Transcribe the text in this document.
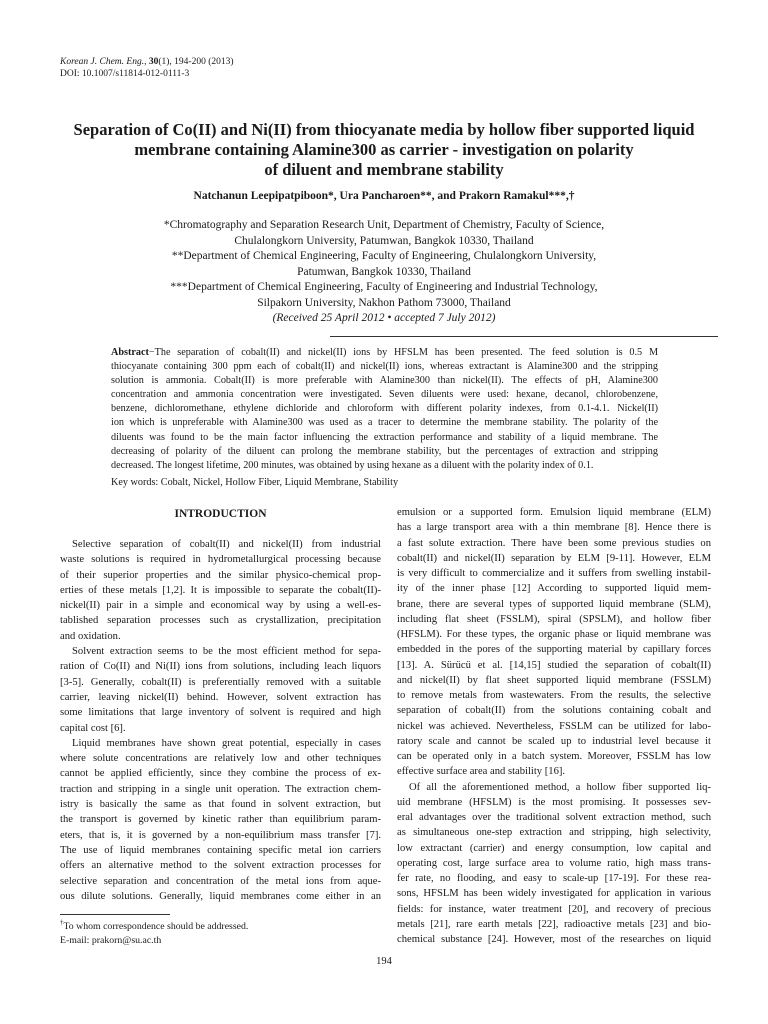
Korean J. Chem. Eng., 30(1), 194-200 (2013)
DOI: 10.1007/s11814-012-0111-3
Separation of Co(II) and Ni(II) from thiocyanate media by hollow fiber supported liquid
membrane containing Alamine300 as carrier - investigation on polarity
of diluent and membrane stability
Natchanun Leepipatpiboon*, Ura Pancharoen**, and Prakorn Ramakul***,†
*Chromatography and Separation Research Unit, Department of Chemistry, Faculty of Science,
Chulalongkorn University, Patumwan, Bangkok 10330, Thailand
**Department of Chemical Engineering, Faculty of Engineering, Chulalongkorn University,
Patumwan, Bangkok 10330, Thailand
***Department of Chemical Engineering, Faculty of Engineering and Industrial Technology,
Silpakorn University, Nakhon Pathom 73000, Thailand
(Received 25 April 2012 • accepted 7 July 2012)
Abstract−The separation of cobalt(II) and nickel(II) ions by HFSLM has been presented. The feed solution is 0.5 M
thiocyanate containing 300 ppm each of cobalt(II) and nickel(II) ions, whereas extractant is Alamine300 and the stripping
solution is ammonia. Cobalt(II) is more preferable with Alamine300 than nickel(II). The effects of pH, Alamine300
concentration and ammonia concentration were investigated. Seven diluents were used: hexane, decanol, chlorobenzene,
benzene, dichloromethane, ethylene dichloride and chloroform with different polarity indexes, from 0.1-4.1. Nickel(II)
ion which is unpreferable with Alamine300 was used as a tracer to determine the membrane stability. The polarity of the
diluents was found to be the main factor influencing the extraction performance and stability of a liquid membrane. The
decreasing of polarity of the diluent can prolong the membrane stability, but the percentages of extraction and stripping
decreased. The longest lifetime, 200 minutes, was obtained by using hexane as a diluent with the polarity index of 0.1.
Key words: Cobalt, Nickel, Hollow Fiber, Liquid Membrane, Stability
INTRODUCTION
Selective separation of cobalt(II) and nickel(II) from industrial
waste solutions is required in hydrometallurgical processing because
of their superior properties and the similar physico-chemical prop-
erties of these metals [1,2]. It is impossible to separate the cobalt(II)-
nickel(II) pair in a simple and economical way by using a well-es-
tablished separation processes such as crystallization, precipitation
and oxidation.
Solvent extraction seems to be the most efficient method for sepa-
ration of Co(II) and Ni(II) ions from solutions, including leach liquors
[3-5]. Generally, cobalt(II) is preferentially removed with a suitable
carrier, leaving nickel(II) behind. However, solvent extraction has
some limitations that large inventory of solvent is required and high
capital cost [6].
Liquid membranes have shown great potential, especially in cases
where solute concentrations are relatively low and other techniques
cannot be applied efficiently, since they combine the process of ex-
traction and stripping in a single unit operation. The extraction chem-
istry is basically the same as that found in solvent extraction, but
the transport is governed by kinetic rather than equilibrium param-
eters, that is, it is governed by a non-equilibrium mass transfer [7].
The use of liquid membranes containing specific metal ion carriers
offers an alternative method to the solvent extraction processes for
selective separation and concentration of the metal ions from aque-
ous dilute solutions. Generally, liquid membranes come either in an
emulsion or a supported form. Emulsion liquid membrane (ELM)
has a large transport area with a thin membrane [8]. Hence there is
a fast solute extraction. There have been some previous studies on
cobalt(II) and nickel(II) separation by ELM [9-11]. However, ELM
is very difficult to commercialize and it suffers from swelling instabil-
ity of the inner phase [12] According to supported liquid mem-
brane, there are several types of supported liquid membrane (SLM),
including flat sheet (FSSLM), spiral (SPSLM), and hollow fiber
(HFSLM). For these types, the organic phase or liquid membrane was
embedded in the pores of the supporting material by capillary forces
[13]. A. Sürücü et al. [14,15] studied the separation of cobalt(II)
and nickel(II) by flat sheet supported liquid membrane (FSSLM)
to remove metals from wastewaters. From the results, the selective
separation of cobalt(II) from the solutions containing cobalt and
nickel was achieved. Nevertheless, FSSLM can be utilized for labo-
ratory scale and cannot be scaled up to industrial level because it
can be operated only in a batch system. Moreover, FSSLM has low
effective surface area and stability [16].
Of all the aforementioned method, a hollow fiber supported liq-
uid membrane (HFSLM) is the most promising. It possesses sev-
eral advantages over the traditional solvent extraction method, such
as simultaneous one-step extraction and stripping, high selectivity,
low extractant (carrier) and energy consumption, low capital and
operating cost, large surface area to volume ratio, high mass trans-
fer rate, no flooding, and easy to scale-up [17-19]. For these rea-
sons, HFSLM has been widely investigated for application in various
fields: for instance, water treatment [20], and recovery of precious
metals [21], rare earth metals [22], radioactive metals [23] and bio-
chemical substance [24]. However, most of the researches on liquid
†To whom correspondence should be addressed.
E-mail: prakorn@su.ac.th
194
